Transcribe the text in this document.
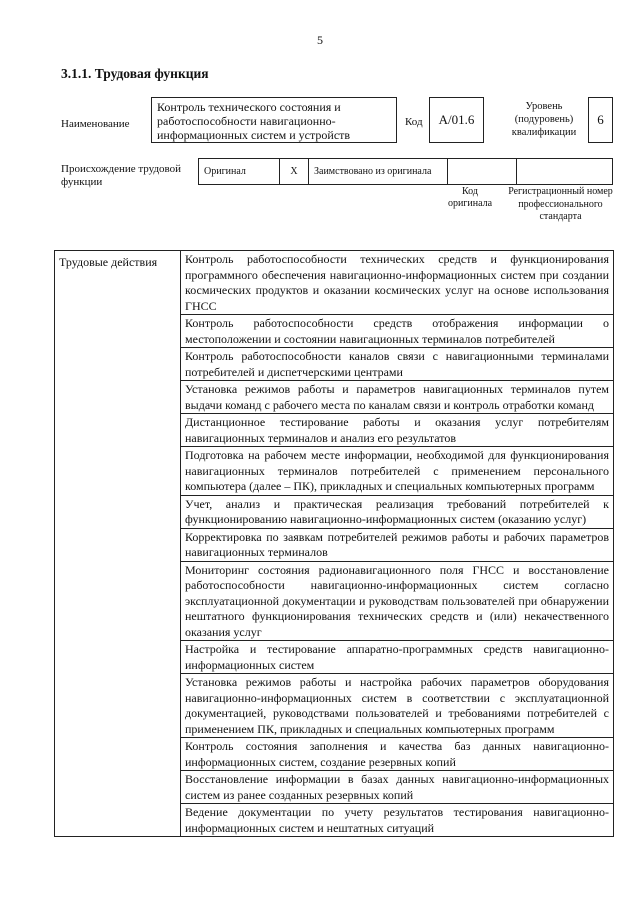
5
3.1.1. Трудовая функция
Наименование
Контроль технического состояния и работоспособности навигационно-информационных систем и устройств
Код A/01.6
Уровень (подуровень) квалификации
6
Происхождение трудовой функции
Оригинал	X	Заимствовано из оригинала		
Код оригинала
Регистрационный номер профессионального стандарта
Трудовые действия	Контроль работоспособности технических средств и функционирования программного обеспечения навигационно-информационных систем при создании космических продуктов и оказании космических услуг на основе использования ГНСС
Контроль работоспособности средств отображения информации о местоположении и состоянии навигационных терминалов потребителей
Контроль работоспособности каналов связи с навигационными терминалами потребителей и диспетчерскими центрами
Установка режимов работы и параметров навигационных терминалов путем выдачи команд с рабочего места по каналам связи и контроль отработки команд
Дистанционное тестирование работы и оказания услуг потребителям навигационных терминалов и анализ его результатов
Подготовка на рабочем месте информации, необходимой для функционирования навигационных терминалов потребителей с применением персонального компьютера (далее – ПК), прикладных и специальных компьютерных программ
Учет, анализ и практическая реализация требований потребителей к функционированию навигационно-информационных систем (оказанию услуг)
Корректировка по заявкам потребителей режимов работы и рабочих параметров навигационных терминалов
Мониторинг состояния радионавигационного поля ГНСС и восстановление работоспособности навигационно-информационных систем согласно эксплуатационной документации и руководствам пользователей при обнаружении нештатного функционирования технических средств и (или) некачественного оказания услуг
Настройка и тестирование аппаратно-программных средств навигационно-информационных систем
Установка режимов работы и настройка рабочих параметров оборудования навигационно-информационных систем в соответствии с эксплуатационной документацией, руководствами пользователей и требованиями потребителей с применением ПК, прикладных и специальных компьютерных программ
Контроль состояния заполнения и качества баз данных навигационно-информационных систем, создание резервных копий
Восстановление информации в базах данных навигационно-информационных систем из ранее созданных резервных копий
Ведение документации по учету результатов тестирования навигационно-информационных систем и нештатных ситуаций
